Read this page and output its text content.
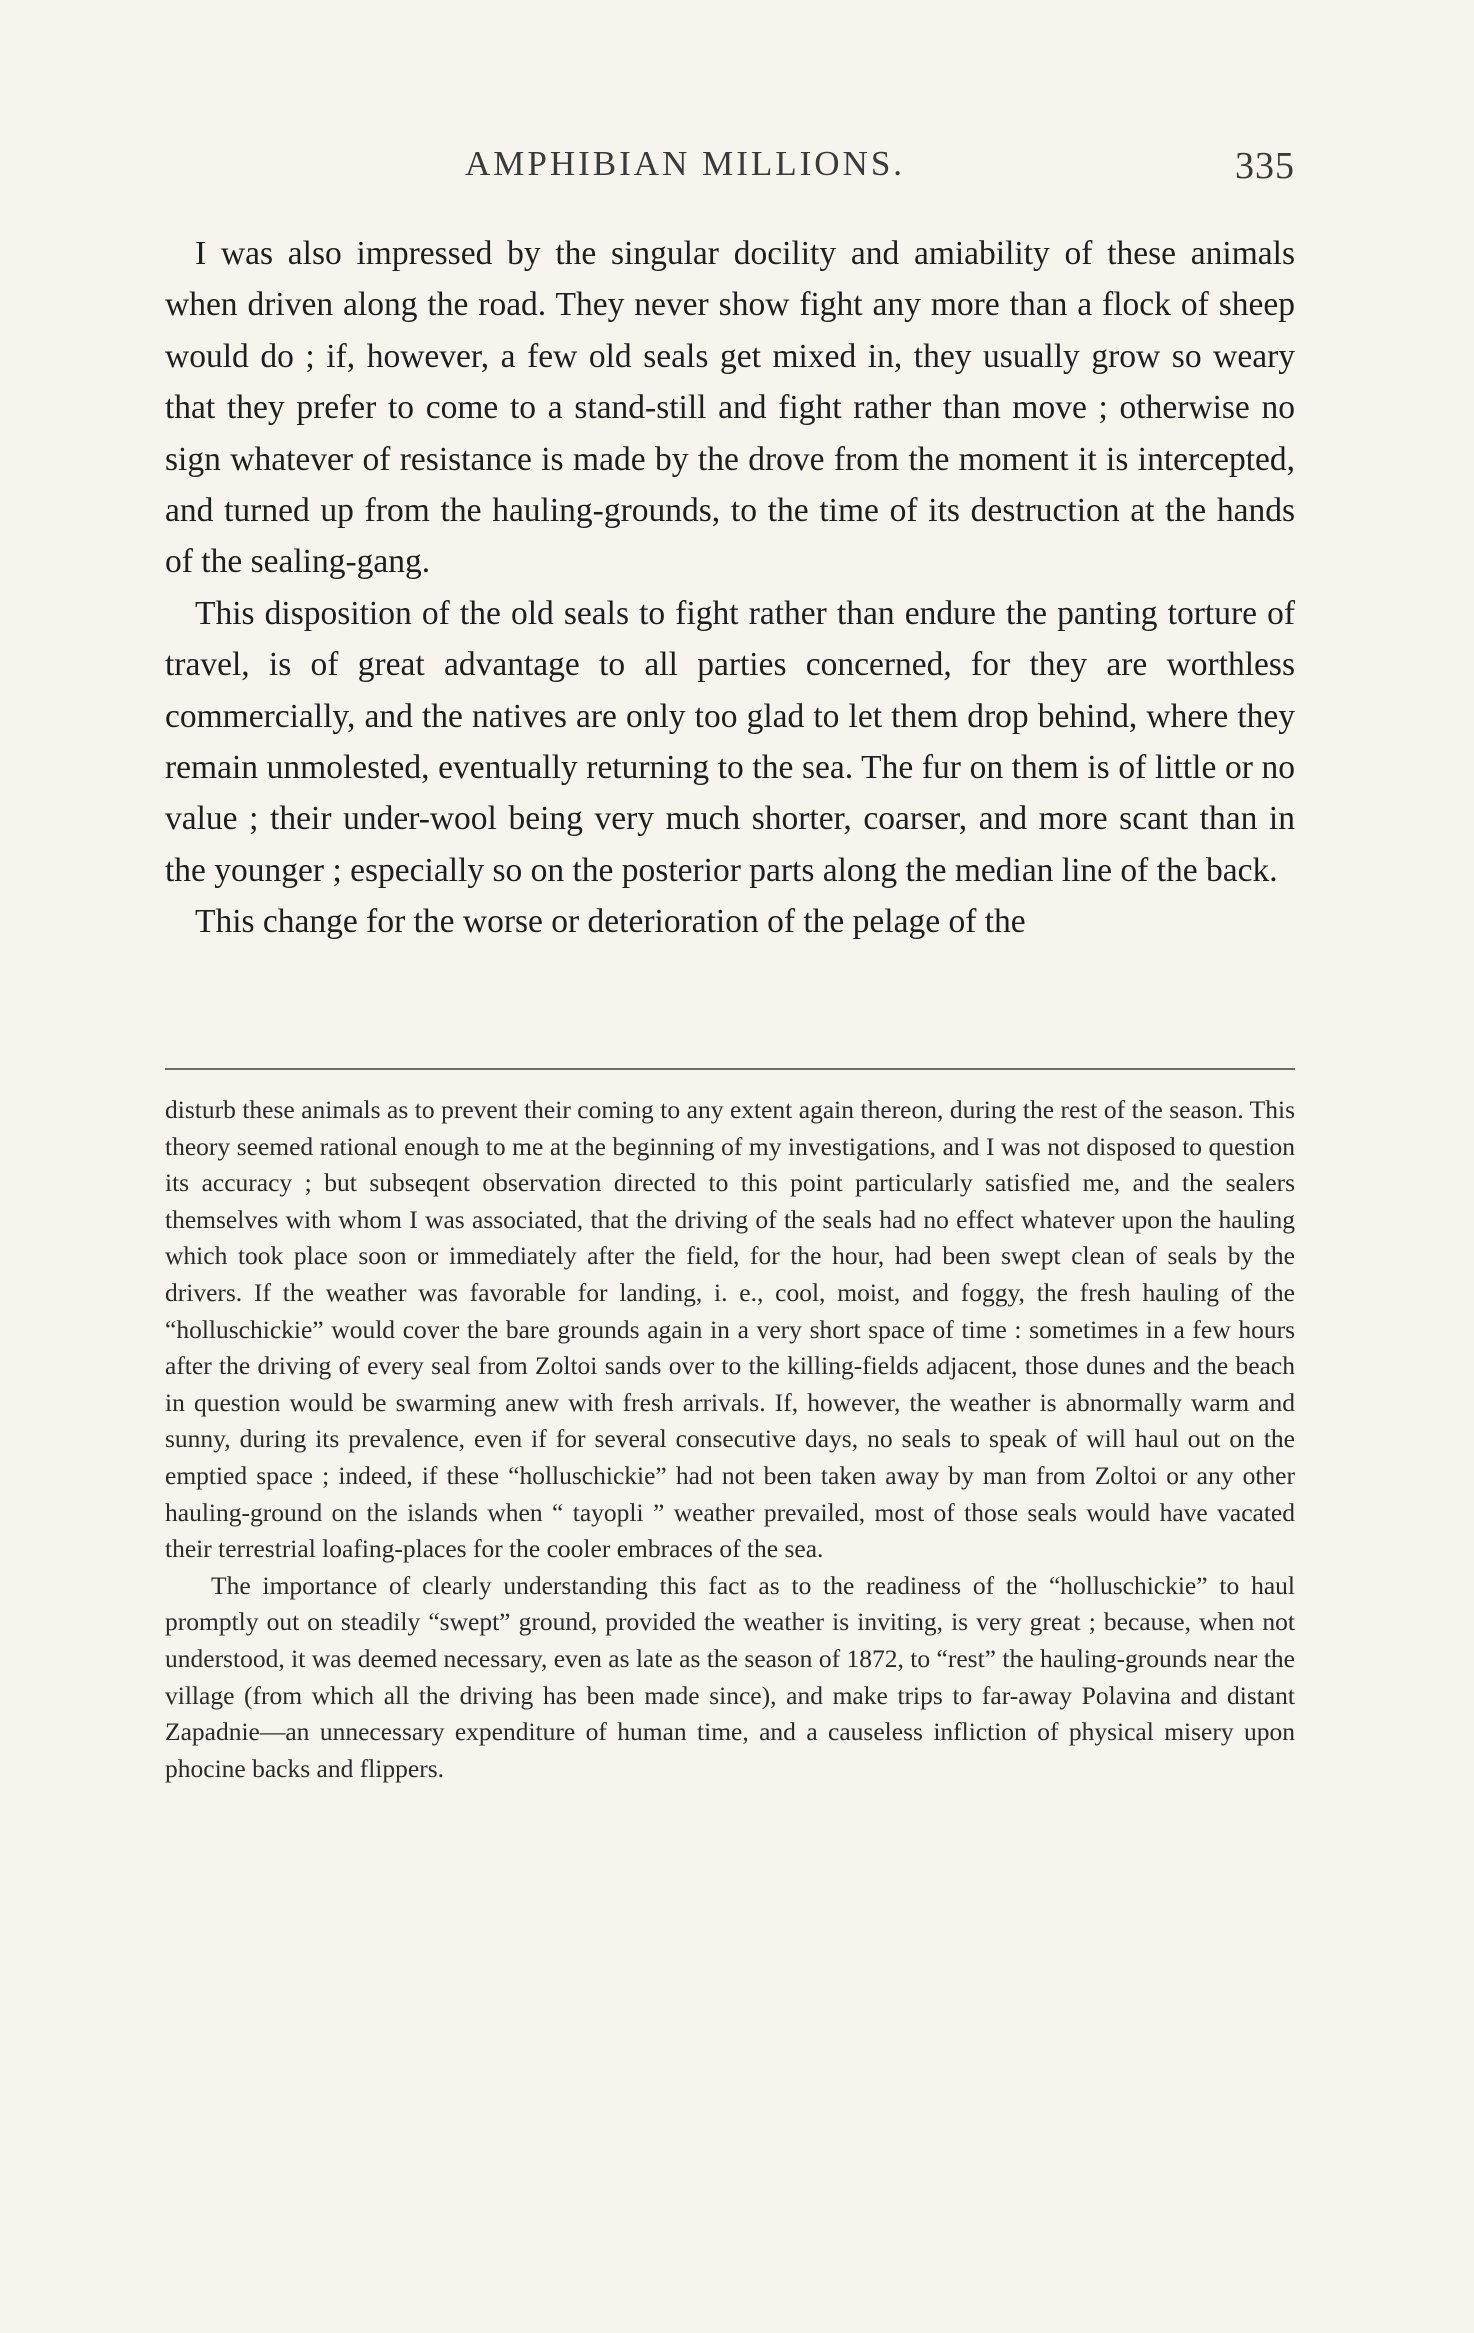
AMPHIBIAN MILLIONS.	335

I was also impressed by the singular docility and amiability of these animals when driven along the road. They never show fight any more than a flock of sheep would do ; if, however, a few old seals get mixed in, they usually grow so weary that they prefer to come to a stand-still and fight rather than move ; otherwise no sign whatever of resistance is made by the drove from the moment it is intercepted, and turned up from the hauling-grounds, to the time of its destruction at the hands of the sealing-gang.

This disposition of the old seals to fight rather than endure the panting torture of travel, is of great advantage to all parties concerned, for they are worthless commercially, and the natives are only too glad to let them drop behind, where they remain unmolested, eventually returning to the sea. The fur on them is of little or no value ; their under-wool being very much shorter, coarser, and more scant than in the younger ; especially so on the posterior parts along the median line of the back.

This change for the worse or deterioration of the pelage of the

disturb these animals as to prevent their coming to any extent again thereon, during the rest of the season. This theory seemed rational enough to me at the beginning of my investigations, and I was not disposed to question its accuracy ; but subseqent observation directed to this point particularly satisfied me, and the sealers themselves with whom I was associated, that the driving of the seals had no effect whatever upon the hauling which took place soon or immediately after the field, for the hour, had been swept clean of seals by the drivers. If the weather was favorable for landing, i. e., cool, moist, and foggy, the fresh hauling of the “holluschickie” would cover the bare grounds again in a very short space of time : sometimes in a few hours after the driving of every seal from Zoltoi sands over to the killing-fields adjacent, those dunes and the beach in question would be swarming anew with fresh arrivals. If, however, the weather is abnormally warm and sunny, during its prevalence, even if for several consecutive days, no seals to speak of will haul out on the emptied space ; indeed, if these “holluschickie” had not been taken away by man from Zoltoi or any other hauling-ground on the islands when “ tayopli ” weather prevailed, most of those seals would have vacated their terrestrial loafing-places for the cooler embraces of the sea.

The importance of clearly understanding this fact as to the readiness of the “holluschickie” to haul promptly out on steadily “swept” ground, provided the weather is inviting, is very great ; because, when not understood, it was deemed necessary, even as late as the season of 1872, to “rest” the hauling-grounds near the village (from which all the driving has been made since), and make trips to far-away Polavina and distant Zapadnie—an unnecessary expenditure of human time, and a causeless infliction of physical misery upon phocine backs and flippers.
